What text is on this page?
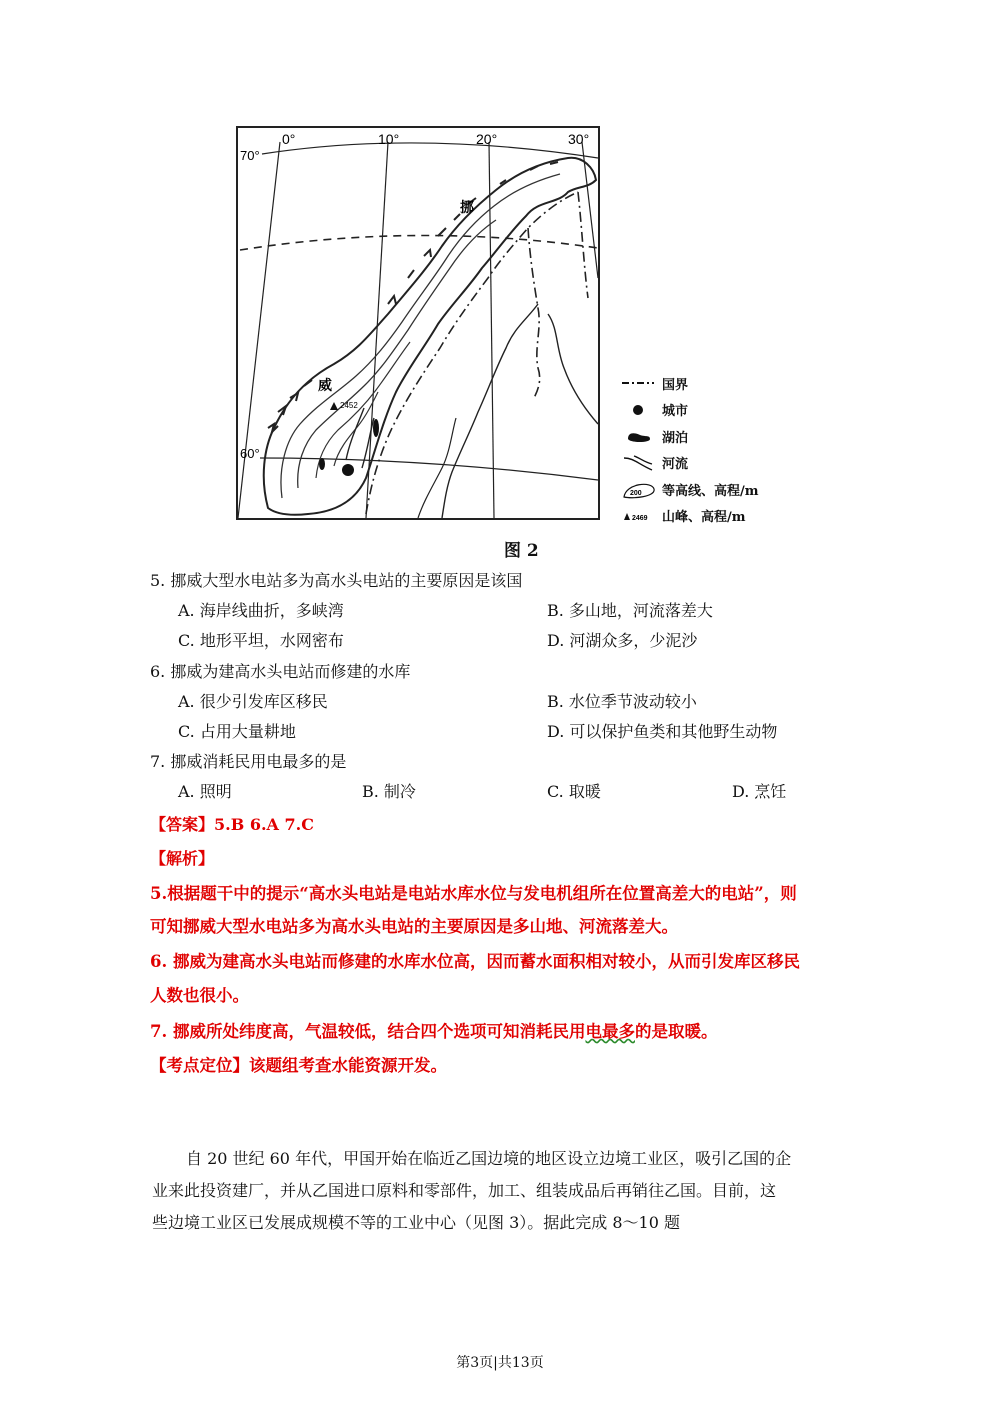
0°	10°	20°	30°
70°
60°
挪
威
2452
国界
城市
湖泊
河流
200 等高线、高程/m
2469 山峰、高程/m
图 2
5. 挪威大型水电站多为高水头电站的主要原因是该国
A. 海岸线曲折，多峡湾	B. 多山地，河流落差大
C. 地形平坦，水网密布	D. 河湖众多，少泥沙
6. 挪威为建高水头电站而修建的水库
A. 很少引发库区移民	B. 水位季节波动较小
C. 占用大量耕地	D. 可以保护鱼类和其他野生动物
7. 挪威消耗民用电最多的是
A. 照明	B. 制冷	C. 取暖	D. 烹饪
【答案】5.B 6.A 7.C
【解析】
5.根据题干中的提示“高水头电站是电站水库水位与发电机组所在位置高差大的电站”，则
可知挪威大型水电站多为高水头电站的主要原因是多山地、河流落差大。
6. 挪威为建高水头电站而修建的水库水位高，因而蓄水面积相对较小，从而引发库区移民
人数也很小。
7. 挪威所处纬度高，气温较低，结合四个选项可知消耗民用电最多的是取暖。
【考点定位】该题组考查水能资源开发。
自 20 世纪 60 年代，甲国开始在临近乙国边境的地区设立边境工业区，吸引乙国的企
业来此投资建厂，并从乙国进口原料和零部件，加工、组装成品后再销往乙国。目前，这
些边境工业区已发展成规模不等的工业中心（见图 3）。据此完成 8～10 题
第3页|共13页
